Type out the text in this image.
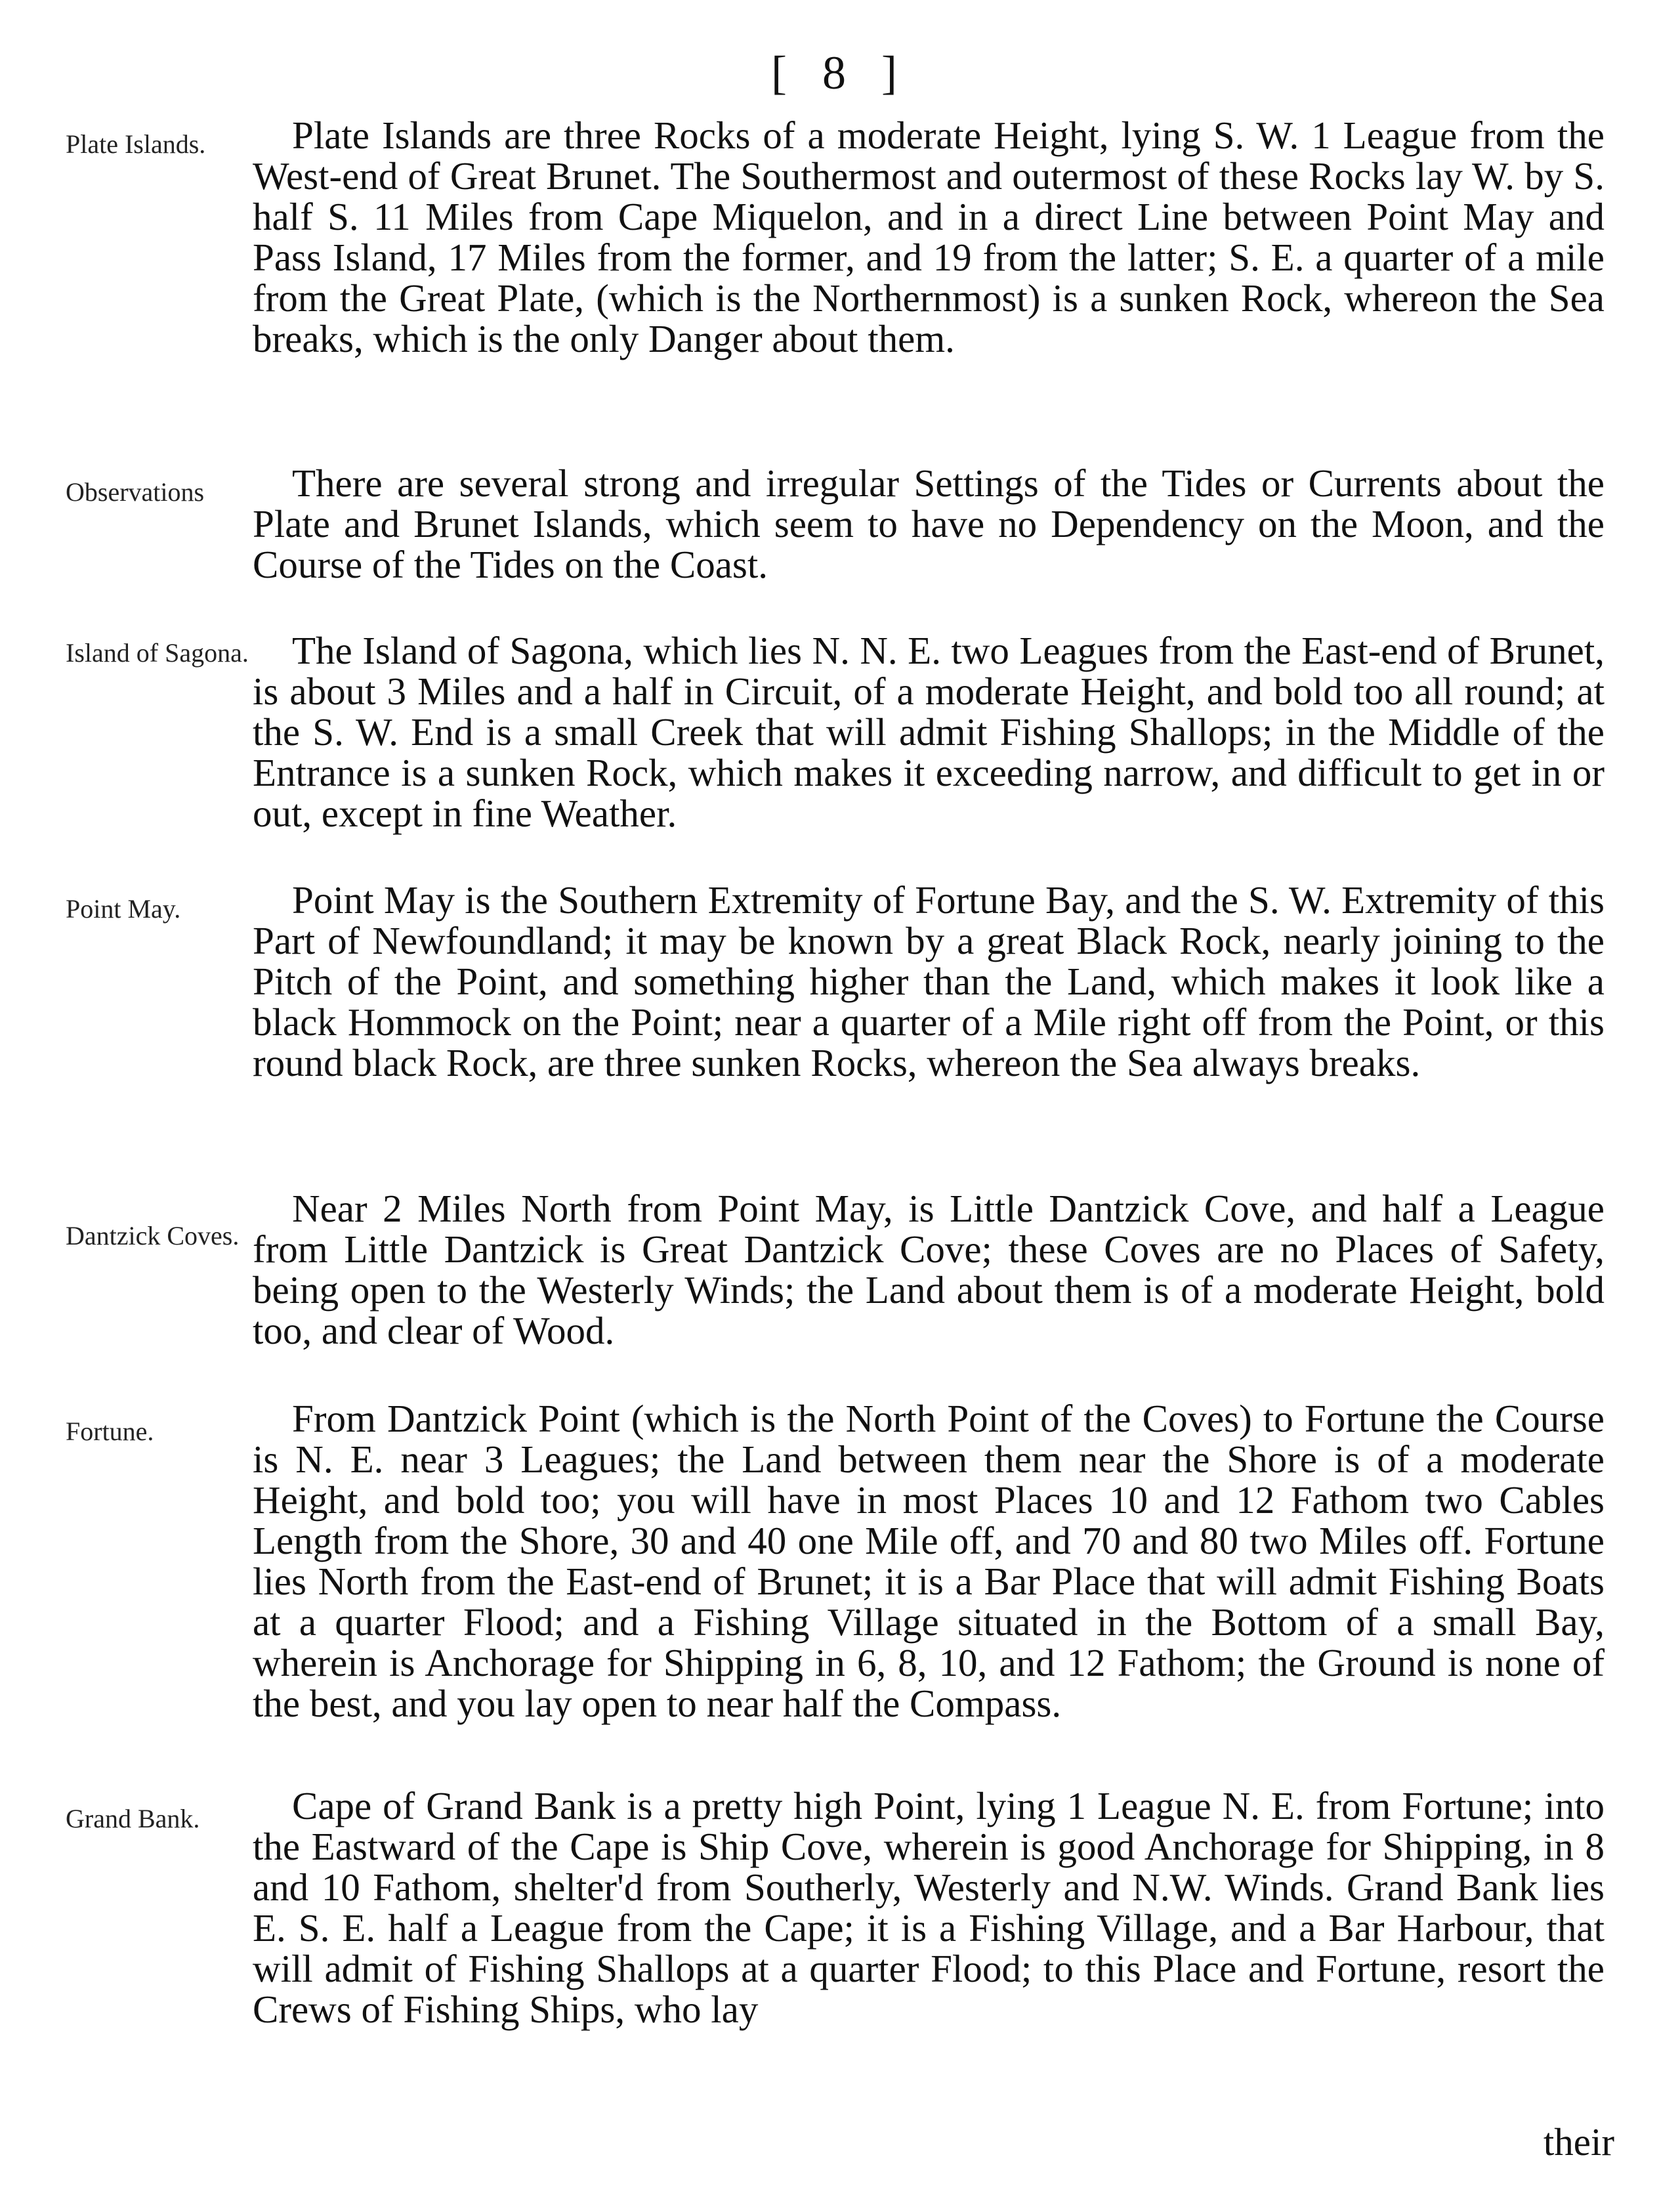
[ 8 ]
Plate Islands.	Plate Islands are three Rocks of a moderate Height, lying S. W. 1 League from the West-end of Great Brunet. The Southermost and outermost of these Rocks lay W. by S. half S. 11 Miles from Cape Miquelon, and in a direct Line between Point May and Pass Island, 17 Miles from the former, and 19 from the latter; S. E. a quarter of a mile from the Great Plate, (which is the Northernmost) is a sunken Rock, whereon the Sea breaks, which is the only Danger about them.
Observations	There are several strong and irregular Settings of the Tides or Currents about the Plate and Brunet Islands, which seem to have no Dependency on the Moon, and the Course of the Tides on the Coast.
Island of Sagona.	The Island of Sagona, which lies N. N. E. two Leagues from the East-end of Brunet, is about 3 Miles and a half in Circuit, of a moderate Height, and bold too all round; at the S. W. End is a small Creek that will admit Fishing Shallops; in the Middle of the Entrance is a sunken Rock, which makes it exceeding narrow, and difficult to get in or out, except in fine Weather.
Point May.	Point May is the Southern Extremity of Fortune Bay, and the S. W. Extremity of this Part of Newfoundland; it may be known by a great Black Rock, nearly joining to the Pitch of the Point, and something higher than the Land, which makes it look like a black Hommock on the Point; near a quarter of a Mile right off from the Point, or this round black Rock, are three sunken Rocks, whereon the Sea always breaks.
Dantzick Coves.
Near 2 Miles North from Point May, is Little Dantzick Cove, and half a League from Little Dantzick is Great Dantzick Cove; these Coves are no Places of Safety, being open to the Westerly Winds; the Land about them is of a moderate Height, bold too, and clear of Wood.
Fortune.	From Dantzick Point (which is the North Point of the Coves) to Fortune the Course is N. E. near 3 Leagues; the Land between them near the Shore is of a moderate Height, and bold too; you will have in most Places 10 and 12 Fathom two Cables Length from the Shore, 30 and 40 one Mile off, and 70 and 80 two Miles off. Fortune lies North from the East-end of Brunet; it is a Bar Place that will admit Fishing Boats at a quarter Flood; and a Fishing Village situated in the Bottom of a small Bay, wherein is Anchorage for Shipping in 6, 8, 10, and 12 Fathom; the Ground is none of the best, and you lay open to near half the Compass.
Grand Bank.	Cape of Grand Bank is a pretty high Point, lying 1 League N. E. from Fortune; into the Eastward of the Cape is Ship Cove, wherein is good Anchorage for Shipping, in 8 and 10 Fathom, shelter'd from Southerly, Westerly and N.W. Winds. Grand Bank lies E. S. E. half a League from the Cape; it is a Fishing Village, and a Bar Harbour, that will admit of Fishing Shallops at a quarter Flood; to this Place and Fortune, resort the Crews of Fishing Ships, who lay
their
